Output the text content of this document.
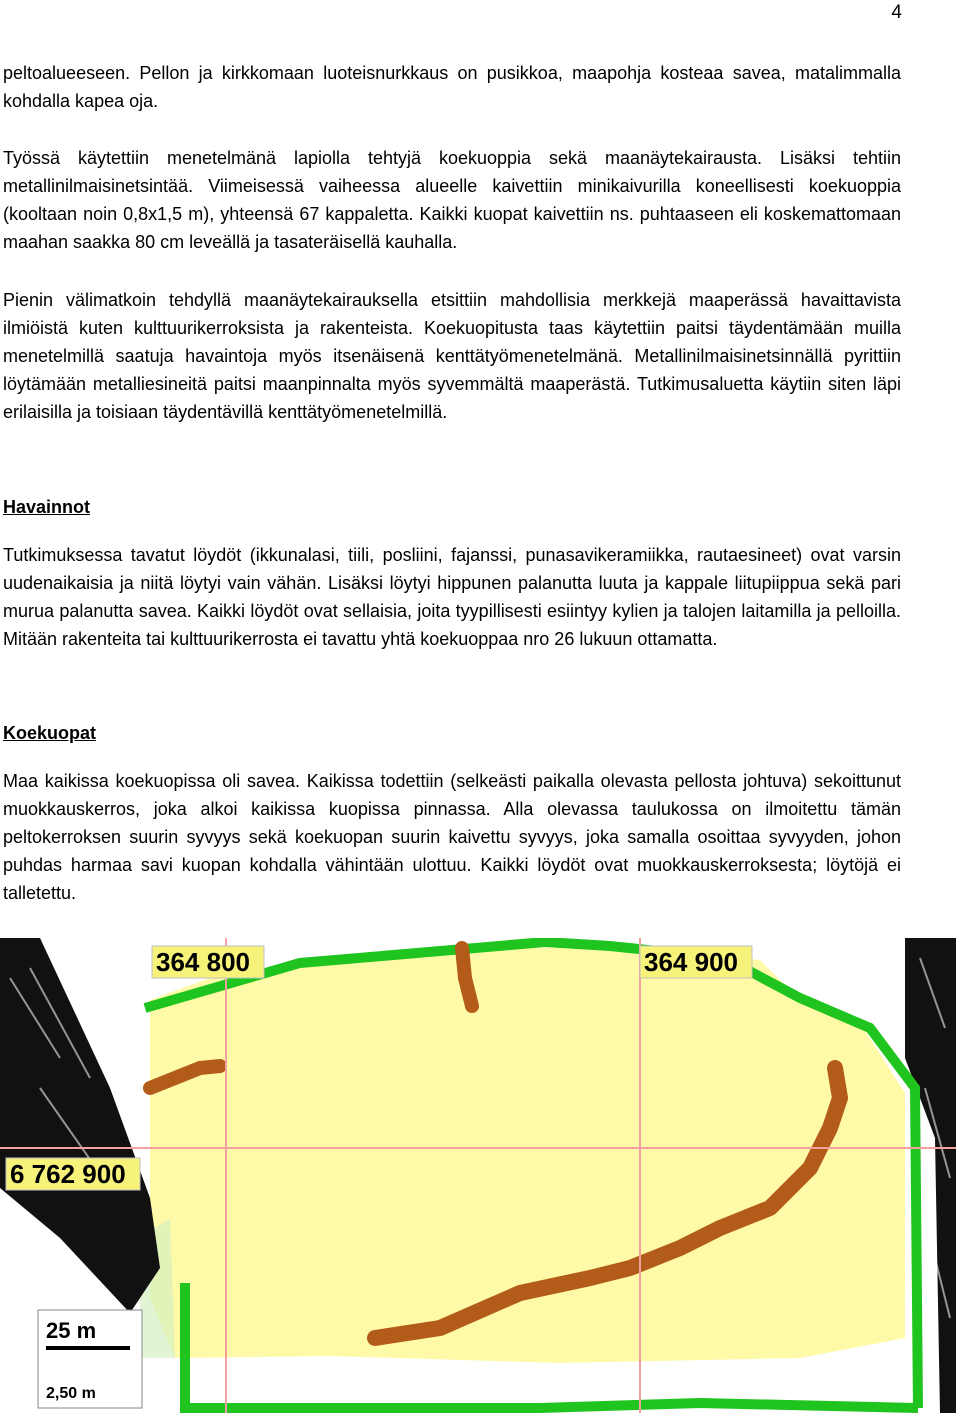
4

peltoalueeseen. Pellon ja kirkkomaan luoteisnurkkaus on pusikkoa, maapohja kosteaa savea, matalimmalla kohdalla kapea oja.

Työssä käytettiin menetelmänä lapiolla tehtyjä koekuoppia sekä maanäytekairausta. Lisäksi tehtiin metallinilmaisinetsintää. Viimeisessä vaiheessa alueelle kaivettiin minikaivurilla koneellisesti koekuoppia (kooltaan noin 0,8x1,5 m), yhteensä 67 kappaletta. Kaikki kuopat kaivettiin ns. puhtaaseen eli koskemattomaan maahan saakka 80 cm leveällä ja tasateräisellä kauhalla.

Pienin välimatkoin tehdyllä maanäytekairauksella etsittiin mahdollisia merkkejä maaperässä havaittavista ilmiöistä kuten kulttuurikerroksista ja rakenteista. Koekuopitusta taas käytettiin paitsi täydentämään muilla menetelmillä saatuja havaintoja myös itsenäisenä kenttätyömenetelmänä. Metallinilmaisinetsinnällä pyrittiin löytämään metalliesineitä paitsi maanpinnalta myös syvemmältä maaperästä. Tutkimusaluetta käytiin siten läpi erilaisilla ja toisiaan täydentävillä kenttätyömenetelmillä.

Havainnot

Tutkimuksessa tavatut löydöt (ikkunalasi, tiili, posliini, fajanssi, punasavikeramiikka, rautaesineet) ovat varsin uudenaikaisia ja niitä löytyi vain vähän. Lisäksi löytyi hippunen palanutta luuta ja kappale liitupiippua sekä pari murua palanutta savea. Kaikki löydöt ovat sellaisia, joita tyypillisesti esiintyy kylien ja talojen laitamilla ja pelloilla. Mitään rakenteita tai kulttuurikerrosta ei tavattu yhtä koekuoppaa nro 26 lukuun ottamatta.

Koekuopat

Maa kaikissa koekuopissa oli savea. Kaikissa todettiin (selkeästi paikalla olevasta pellosta johtuva) sekoittunut muokkauskerros, joka alkoi kaikissa kuopissa pinnassa. Alla olevassa taulukossa on ilmoitettu tämän peltokerroksen suurin syvyys sekä koekuopan suurin kaivettu syvyys, joka samalla osoittaa syvyyden, johon puhdas harmaa savi kuopan kohdalla vähintään ulottuu. Kaikki löydöt ovat muokkauskerroksesta; löytöjä ei talletettu.

364 800	364 900
6 762 900
25 m
2,50 m
